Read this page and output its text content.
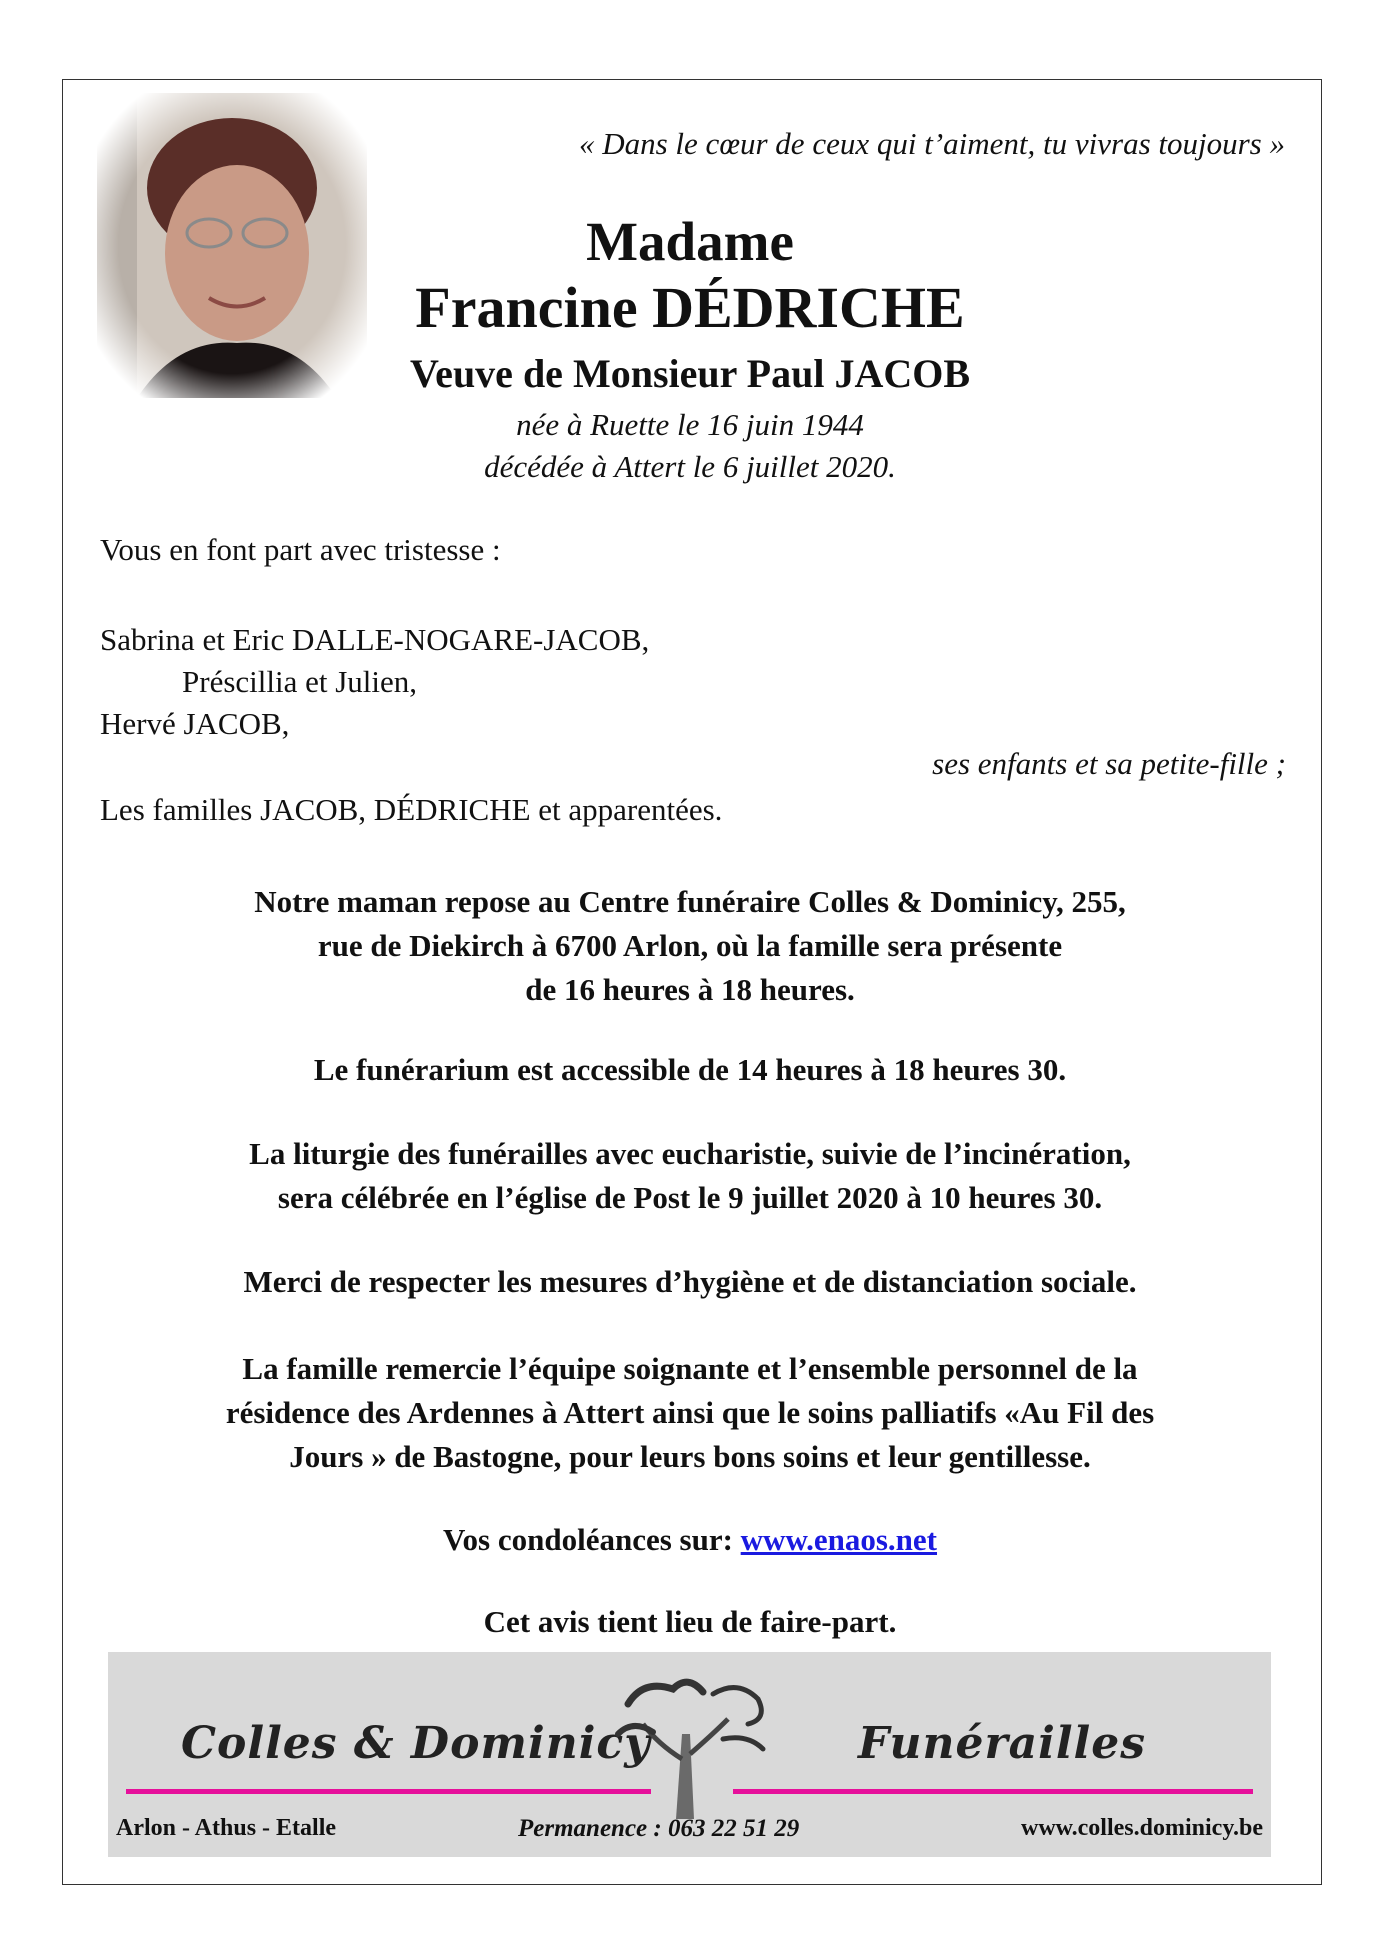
« Dans le cœur de ceux qui t’aiment, tu vivras toujours »
Madame
Francine DÉDRICHE
Veuve de Monsieur Paul JACOB
née à Ruette le 16 juin 1944
décédée à Attert le 6 juillet 2020.
Vous en font part avec tristesse :
Sabrina et Eric DALLE-NOGARE-JACOB,
Préscillia et Julien,
Hervé JACOB,
ses enfants et sa petite-fille ;
Les familles JACOB, DÉDRICHE et apparentées.
Notre maman repose au Centre funéraire Colles & Dominicy, 255,
rue de Diekirch à 6700 Arlon, où la famille sera présente
de 16 heures à 18 heures.
Le funérarium est accessible de 14 heures à 18 heures 30.
La liturgie des funérailles avec eucharistie, suivie de l’incinération,
sera célébrée en l’église de Post le 9 juillet 2020 à 10 heures 30.
Merci de respecter les mesures d’hygiène et de distanciation sociale.
La famille remercie l’équipe soignante et l’ensemble personnel de la
résidence des Ardennes à Attert ainsi que le soins palliatifs «Au Fil des
Jours » de Bastogne, pour leurs bons soins et leur gentillesse.
Vos condoléances sur: www.enaos.net
Cet avis tient lieu de faire-part.
Colles & Dominicy	Funérailles
Arlon - Athus - Etalle	Permanence : 063 22 51 29	www.colles.dominicy.be
